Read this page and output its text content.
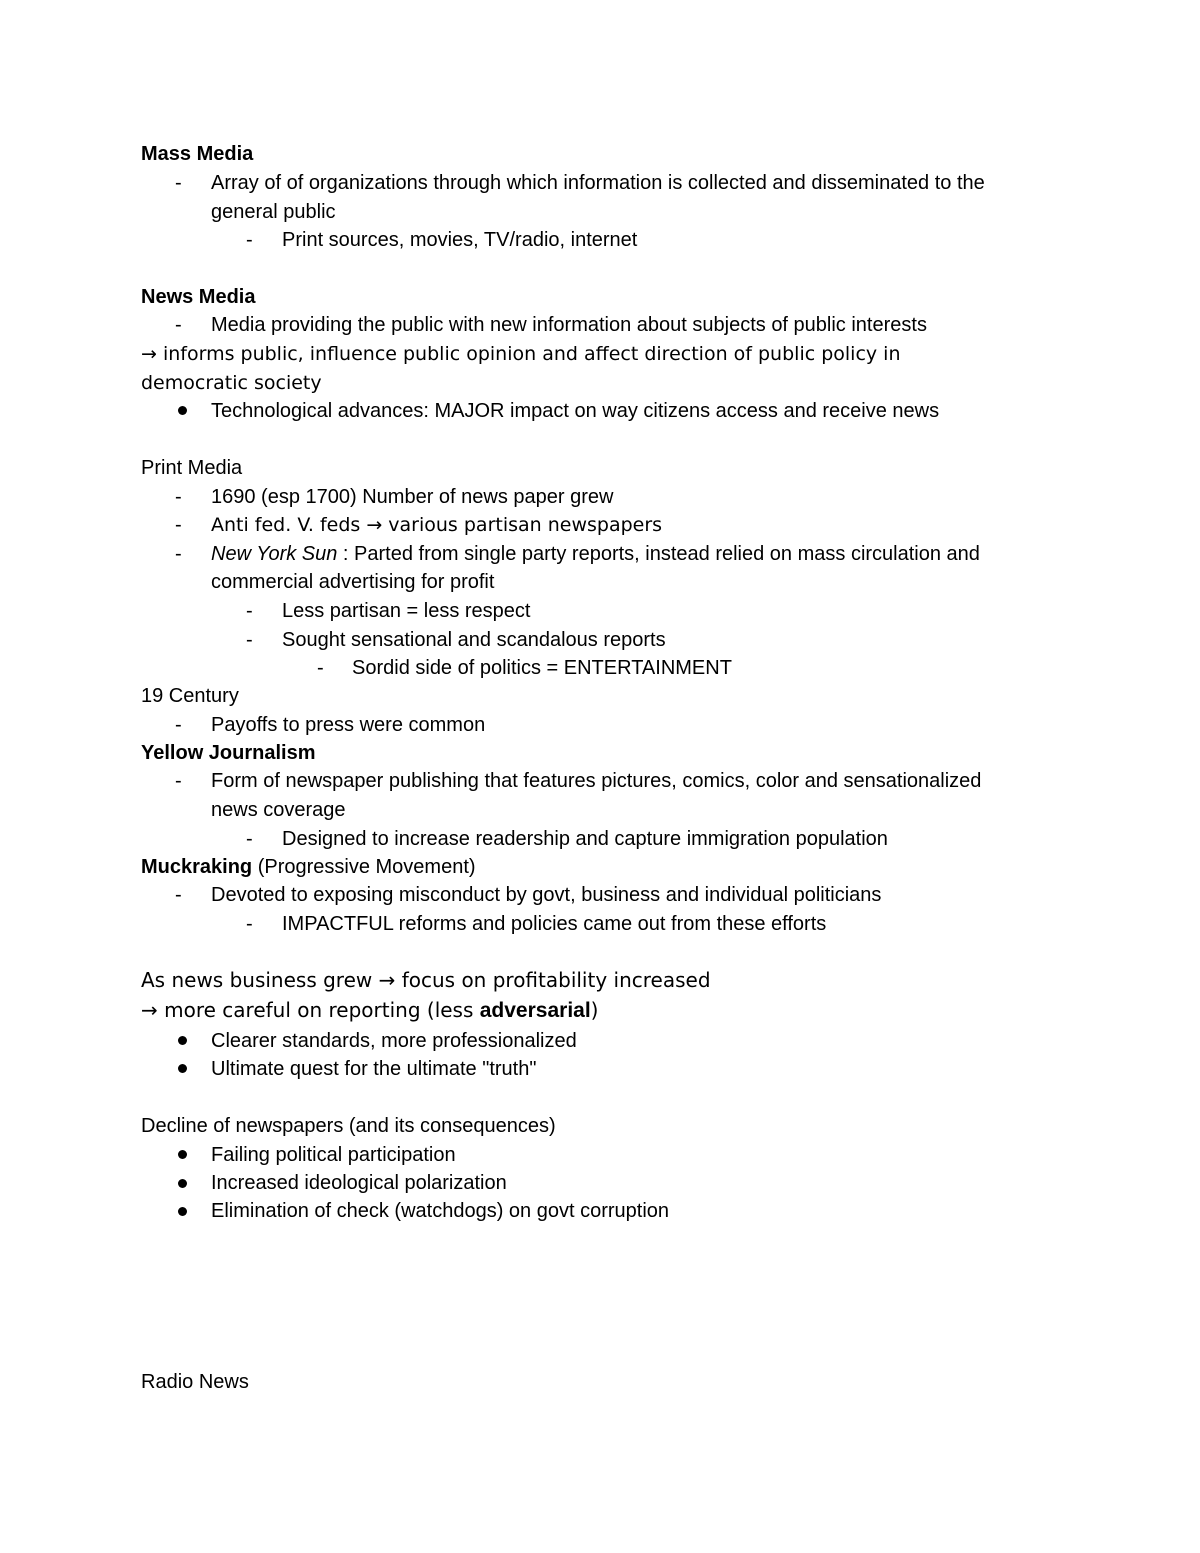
Mass Media
- Array of of organizations through which information is collected and disseminated to the
general public
- Print sources, movies, TV/radio, internet
News Media
- Media providing the public with new information about subjects of public interests
→ informs public, influence public opinion and affect direction of public policy in
democratic society
Technological advances: MAJOR impact on way citizens access and receive news
Print Media
- 1690 (esp 1700) Number of news paper grew
- Anti fed. V. feds → various partisan newspapers
- New York Sun : Parted from single party reports, instead relied on mass circulation and
commercial advertising for profit
- Less partisan = less respect
- Sought sensational and scandalous reports
- Sordid side of politics = ENTERTAINMENT
19 Century
- Payoffs to press were common
Yellow Journalism
- Form of newspaper publishing that features pictures, comics, color and sensationalized
news coverage
- Designed to increase readership and capture immigration population
Muckraking (Progressive Movement)
- Devoted to exposing misconduct by govt, business and individual politicians
- IMPACTFUL reforms and policies came out from these efforts
As news business grew → focus on profitability increased
→ more careful on reporting (less adversarial)
Clearer standards, more professionalized
Ultimate quest for the ultimate "truth"
Decline of newspapers (and its consequences)
Failing political participation
Increased ideological polarization
Elimination of check (watchdogs) on govt corruption
Radio News
